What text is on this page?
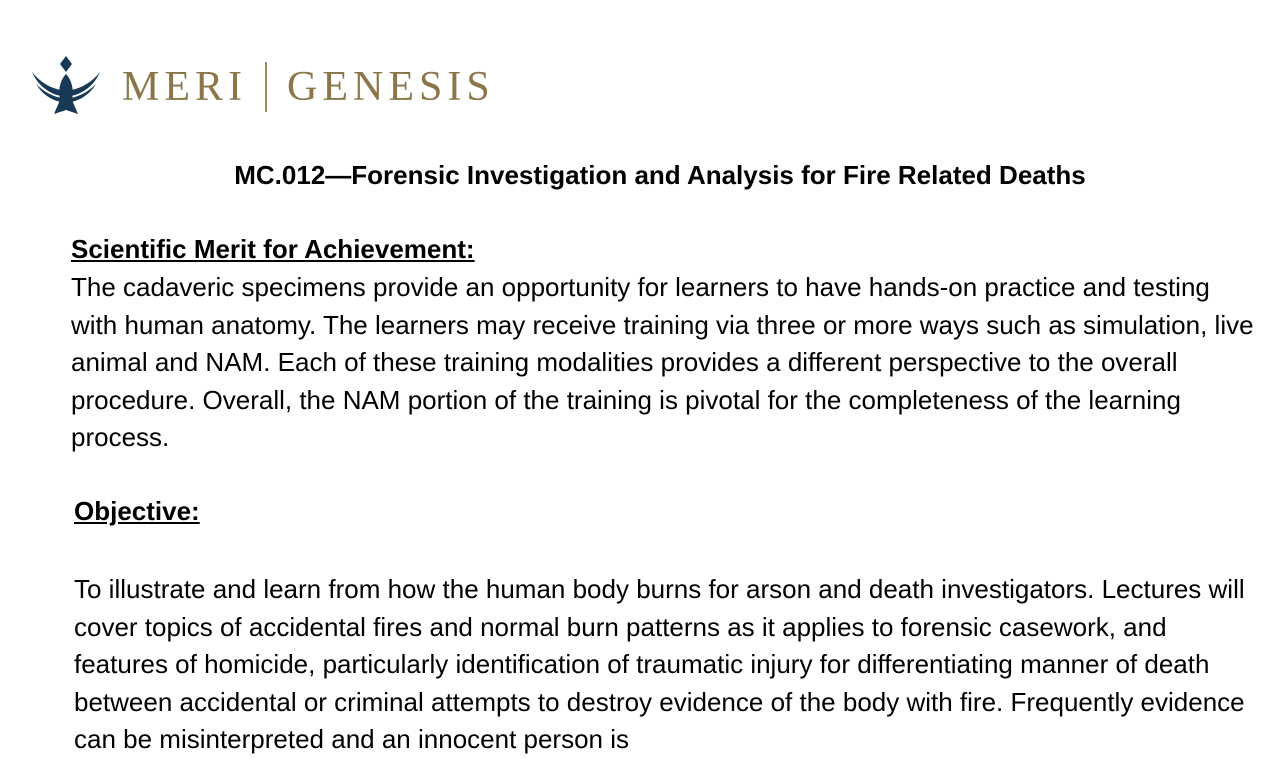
MERI GENESIS
MC.012—Forensic Investigation and Analysis for Fire Related Deaths
Scientific Merit for Achievement:

The cadaveric specimens provide an opportunity for learners to have hands-on practice and testing with human anatomy. The learners may receive training via three or more ways such as simulation, live animal and NAM. Each of these training modalities provides a different perspective to the overall procedure. Overall, the NAM portion of the training is pivotal for the completeness of the learning process.

Objective:

To illustrate and learn from how the human body burns for arson and death investigators. Lectures will cover topics of accidental fires and normal burn patterns as it applies to forensic casework, and features of homicide, particularly identification of traumatic injury for differentiating manner of death between accidental or criminal attempts to destroy evidence of the body with fire. Frequently evidence can be misinterpreted and an innocent person is
